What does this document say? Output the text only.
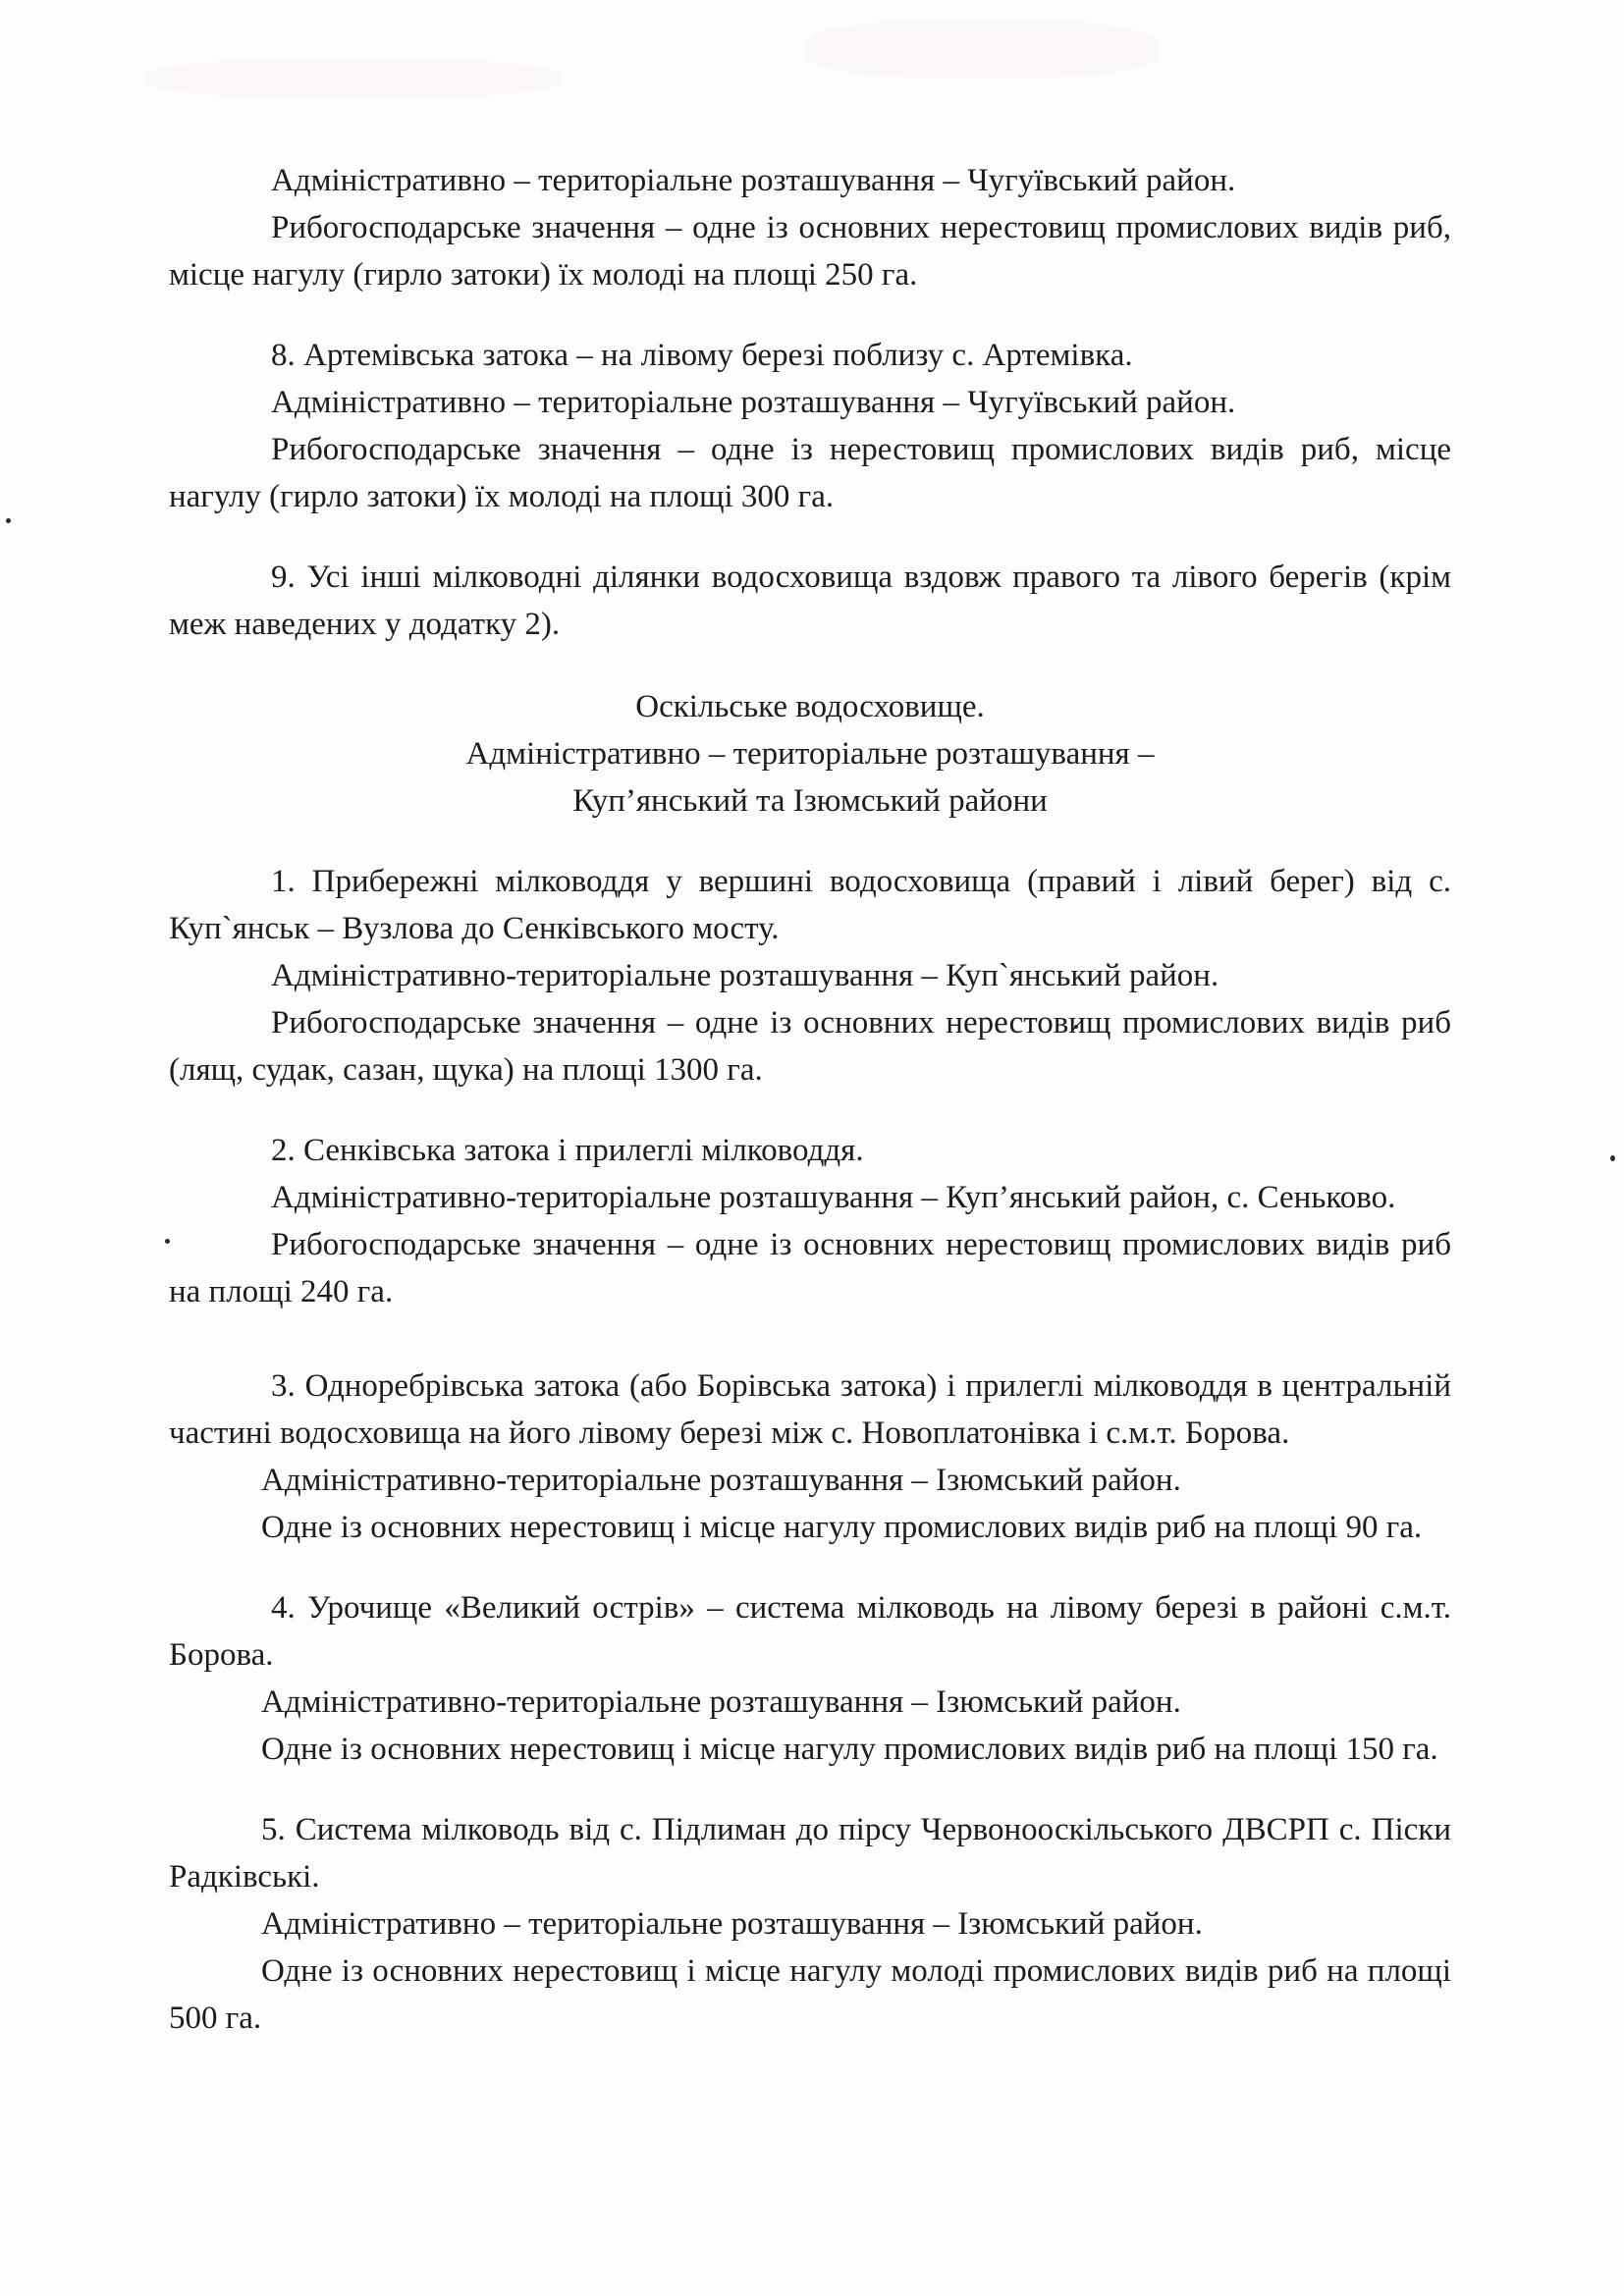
Адміністративно – територіальне розташування – Чугуївський район.

Рибогосподарське значення – одне із основних нерестовищ промислових видів риб, місце нагулу (гирло затоки) їх молоді на площі 250 га.

8. Артемівська затока – на лівому березі поблизу с. Артемівка.

Адміністративно – територіальне розташування – Чугуївський район.

Рибогосподарське значення – одне із нерестовищ промислових видів риб, місце нагулу (гирло затоки) їх молоді на площі 300 га.

9. Усі інші мілководні ділянки водосховища вздовж правого та лівого берегів (крім меж наведених у додатку 2).

Оскільське водосховище.

Адміністративно – територіальне розташування –

Куп’янський та Ізюмський райони

1. Прибережні мілководдя у вершині водосховища (правий і лівий берег) від с. Куп`янськ – Вузлова до Сенківського мосту.

Адміністративно-територіальне розташування – Куп`янський район.

Рибогосподарське значення – одне із основних нерестовищ промислових видів риб (лящ, судак, сазан, щука) на площі 1300 га.

2. Сенківська затока і прилеглі мілководдя.

Адміністративно-територіальне розташування – Куп’янський район, с. Сеньково.

Рибогосподарське значення – одне із основних нерестовищ промислових видів риб на площі 240 га.

3. Одноребрівська затока (або Борівська затока) і прилеглі мілководдя в центральній частині водосховища на його лівому березі між с. Новоплатонівка і с.м.т. Борова.

Адміністративно-територіальне розташування – Ізюмський район.

Одне із основних нерестовищ і місце нагулу промислових видів риб на площі 90 га.

4. Урочище «Великий острів» – система мілководь на лівому березі в районі с.м.т. Борова.

Адміністративно-територіальне розташування – Ізюмський район.

Одне із основних нерестовищ і місце нагулу промислових видів риб на площі 150 га.

5. Система мілководь від с. Підлиман до пірсу Червонооскільського ДВСРП с. Піски Радківські.

Адміністративно – територіальне розташування – Ізюмський район.

Одне із основних нерестовищ і місце нагулу молоді промислових видів риб на площі 500 га.
